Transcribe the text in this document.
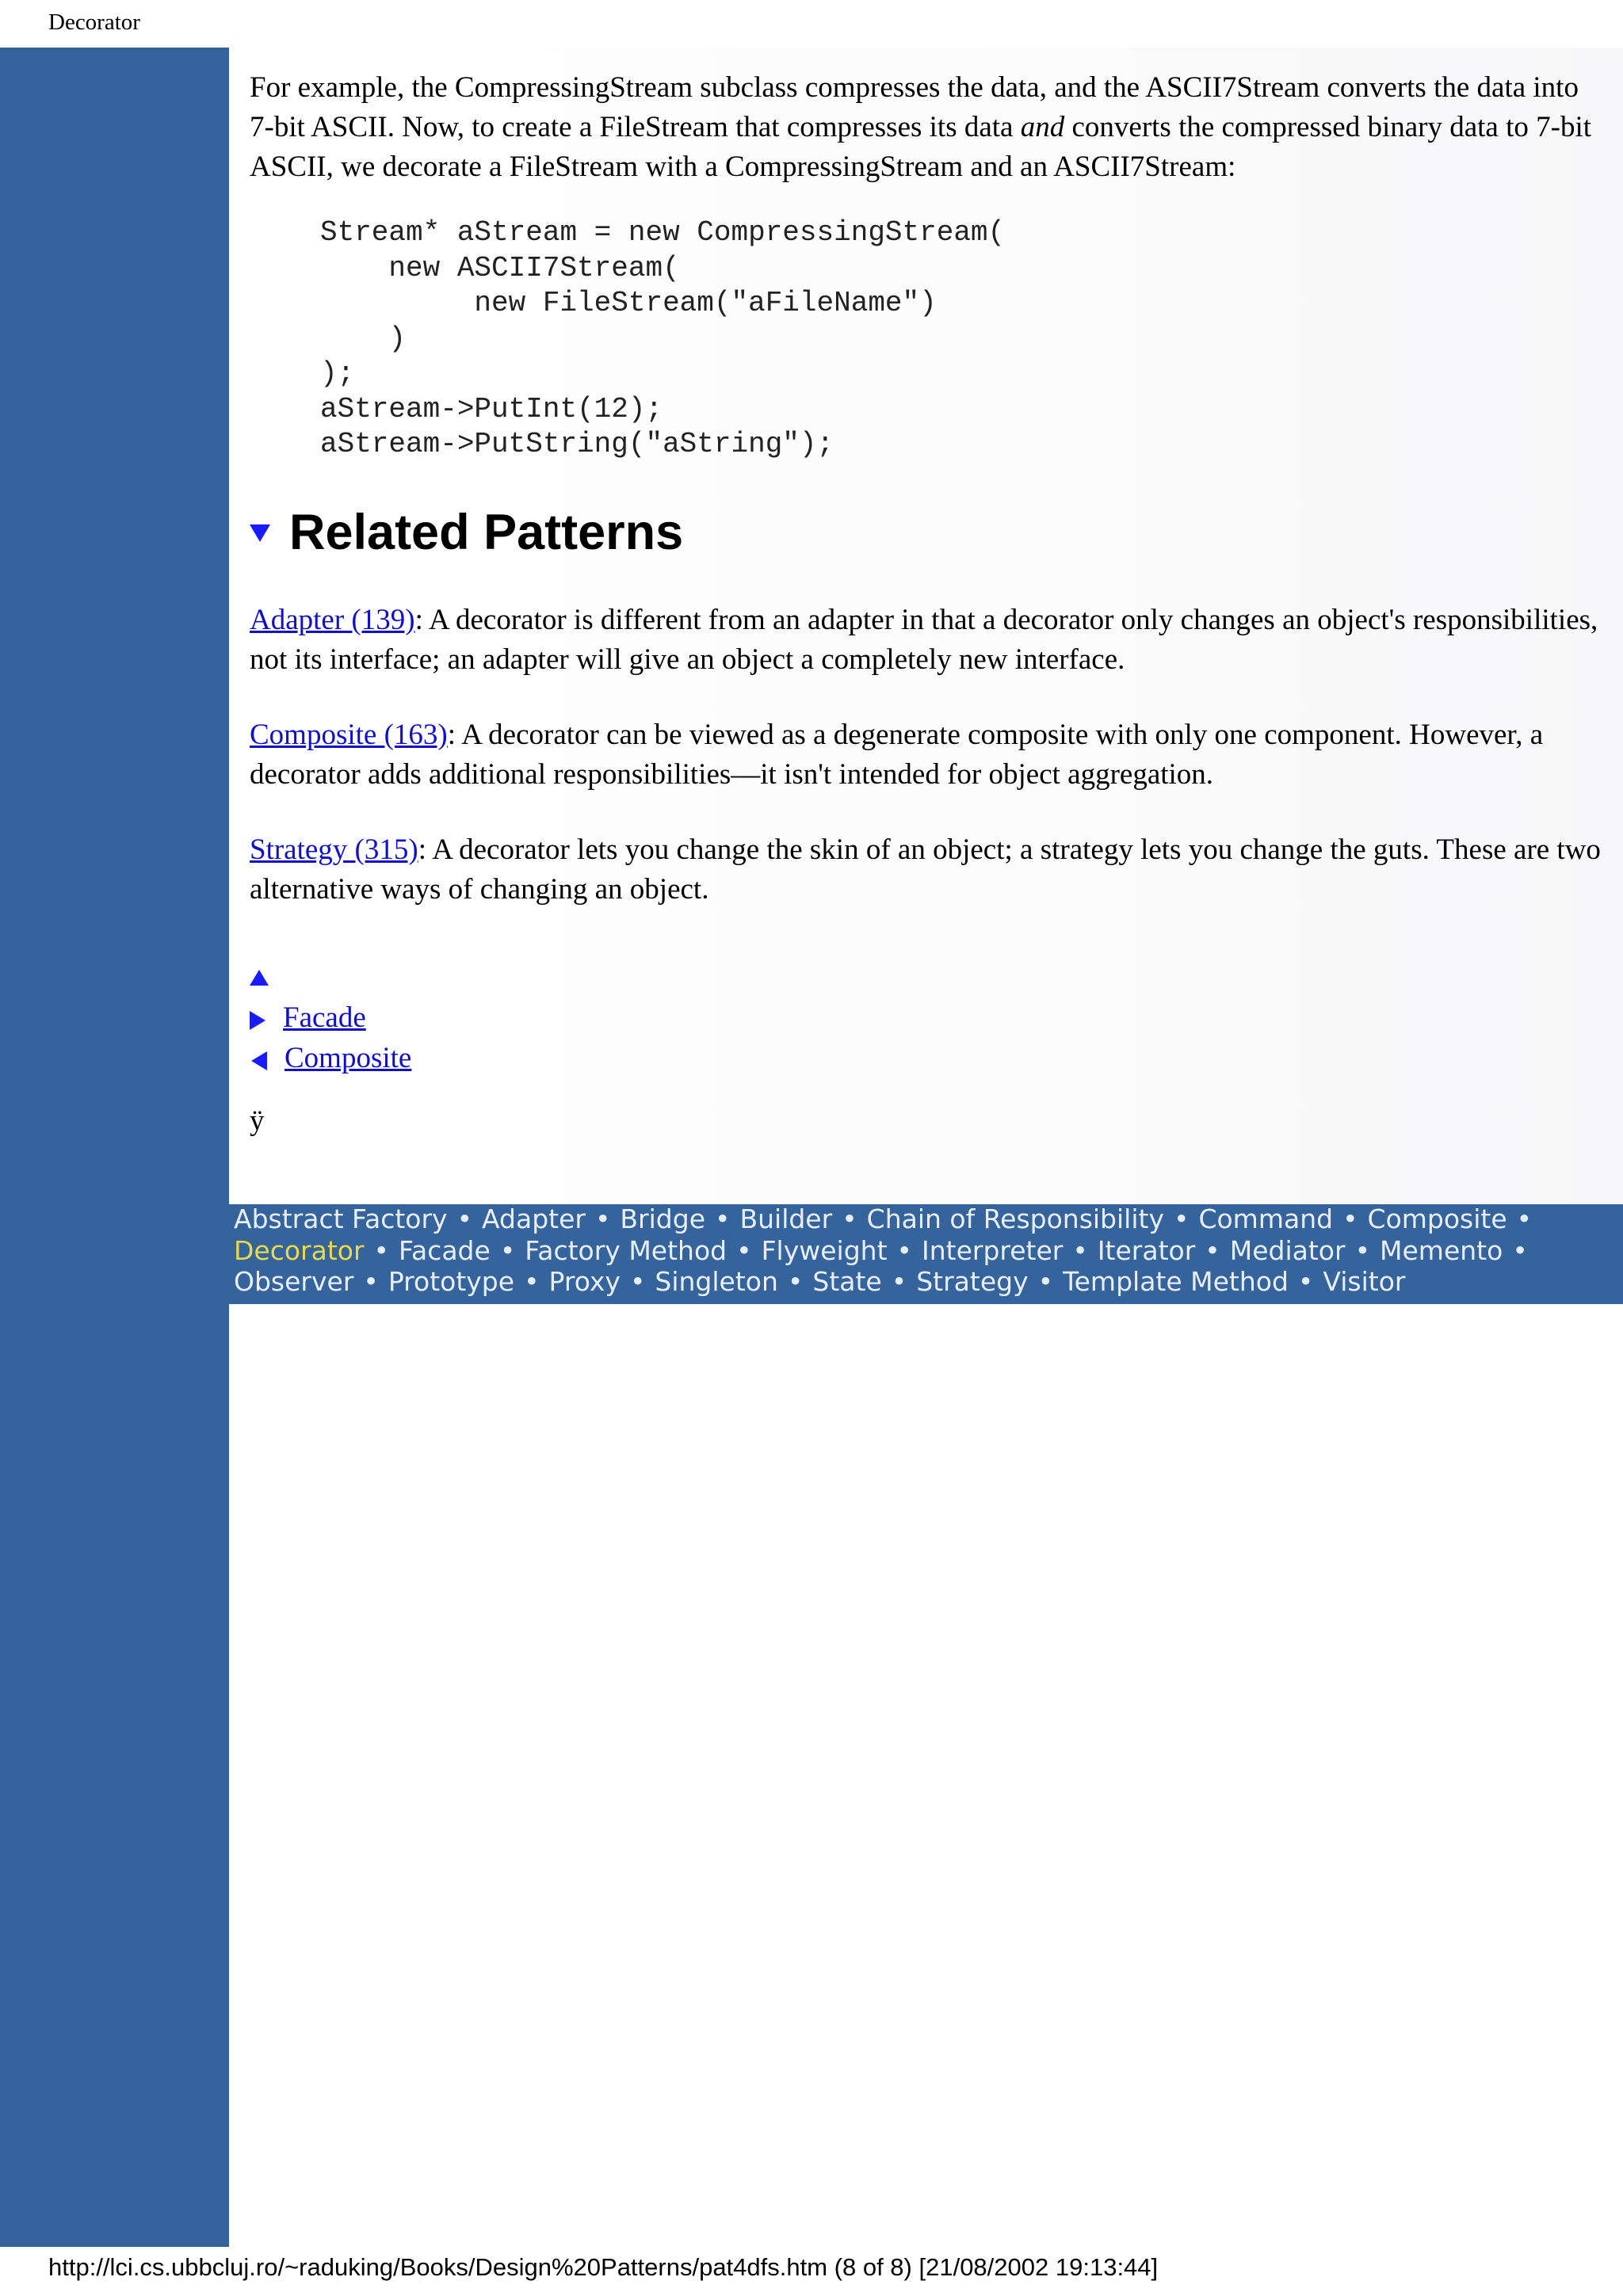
Decorator

For example, the CompressingStream subclass compresses the data, and the ASCII7Stream converts the data into 7-bit ASCII. Now, to create a FileStream that compresses its data and converts the compressed binary data to 7-bit ASCII, we decorate a FileStream with a CompressingStream and an ASCII7Stream:

Stream* aStream = new CompressingStream(
new ASCII7Stream(
new FileStream("aFileName")
)
);
aStream->PutInt(12);
aStream->PutString("aString");
Related Patterns

Adapter (139): A decorator is different from an adapter in that a decorator only changes an object's responsibilities, not its interface; an adapter will give an object a completely new interface.

Composite (163): A decorator can be viewed as a degenerate composite with only one component. However, a decorator adds additional responsibilities—it isn't intended for object aggregation.

Strategy (315): A decorator lets you change the skin of an object; a strategy lets you change the guts. These are two alternative ways of changing an object.

Facade
Composite
ÿ
Abstract Factory • Adapter • Bridge • Builder • Chain of Responsibility • Command • Composite •
Decorator • Facade • Factory Method • Flyweight • Interpreter • Iterator • Mediator • Memento •
Observer • Prototype • Proxy • Singleton • State • Strategy • Template Method • Visitor
http://lci.cs.ubbcluj.ro/~raduking/Books/Design%20Patterns/pat4dfs.htm (8 of 8) [21/08/2002 19:13:44]
